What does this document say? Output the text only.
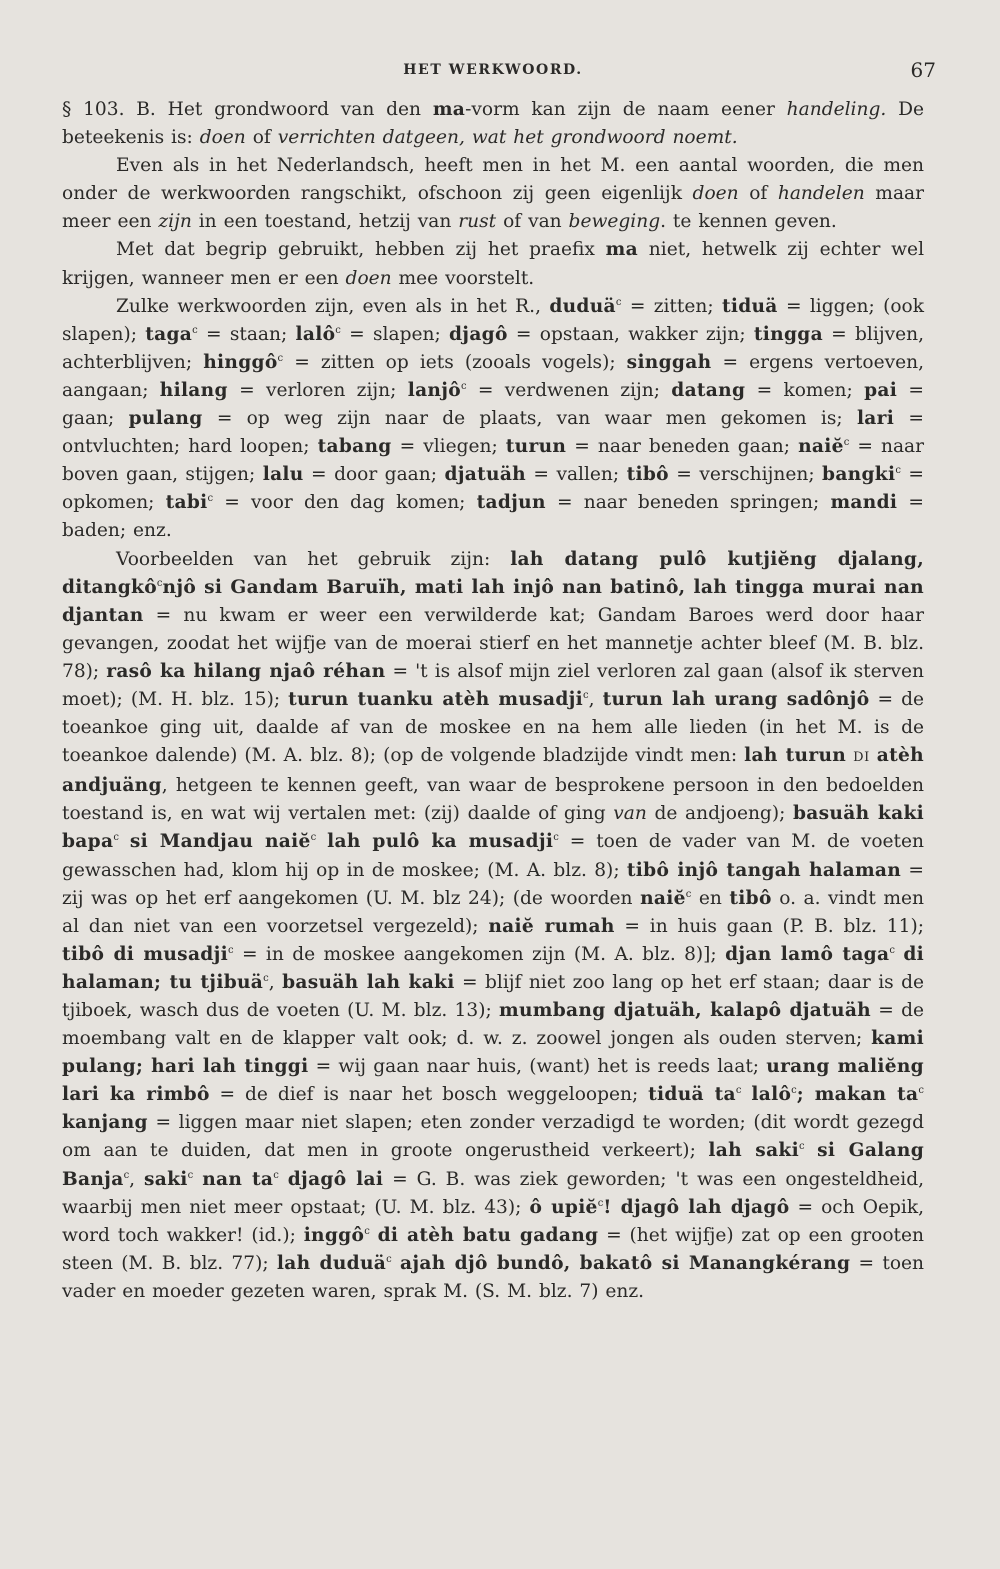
HET WERKWOORD.	67

§ 103. B. Het grondwoord van den ma-vorm kan zijn de naam eener handeling. De beteekenis is: doen of verrichten datgeen, wat het grondwoord noemt.

Even als in het Nederlandsch, heeft men in het M. een aantal woorden, die men onder de werkwoorden rangschikt, ofschoon zij geen eigenlijk doen of handelen maar meer een zijn in een toestand, hetzij van rust of van beweging. te kennen geven.

Met dat begrip gebruikt, hebben zij het praefix ma niet, hetwelk zij echter wel krijgen, wanneer men er een doen mee voorstelt.

Zulke werkwoorden zijn, even als in het R., duduä$^c$ = zitten; tiduä = liggen; (ook slapen); taga$^c$ = staan; lalô$^c$ = slapen; djagô = opstaan, wakker zijn; tingga = blijven, achterblijven; hinggô$^c$ = zitten op iets (zooals vogels); singgah = ergens vertoeven, aangaan; hilang = verloren zijn; lanjô$^c$ = verdwenen zijn; datang = komen; pai = gaan; pulang = op weg zijn naar de plaats, van waar men gekomen is; lari = ontvluchten; hard loopen; tabang = vliegen; turun = naar beneden gaan; naiĕ$^c$ = naar boven gaan, stijgen; lalu = door gaan; djatuäh = vallen; tibô = verschijnen; bangki$^c$ = opkomen; tabi$^c$ = voor den dag komen; tadjun = naar beneden springen; mandi = baden; enz.

Voorbeelden van het gebruik zijn: lah datang pulô kutjiĕng djalang, ditangkô$^c$njô si Gandam Baruïh, mati lah injô nan batinô, lah tingga murai nan djantan = nu kwam er weer een verwilderde kat; Gandam Baroes werd door haar gevangen, zoodat het wijfje van de moerai stierf en het mannetje achter bleef (M. B. blz. 78); rasô ka hilang njaô réhan = 't is alsof mijn ziel verloren zal gaan (alsof ik sterven moet); (M. H. blz. 15); turun tuanku atèh musadji$^c$, turun lah urang sadônjô = de toeankoe ging uit, daalde af van de moskee en na hem alle lieden (in het M. is de toeankoe dalende) (M. A. blz. 8); (op de volgende bladzijde vindt men: lah turun DI atèh andjuäng, hetgeen te kennen geeft, van waar de besprokene persoon in den bedoelden toestand is, en wat wij vertalen met: (zij) daalde of ging van de andjoeng); basuäh kaki bapa$^c$ si Mandjau naiĕ$^c$ lah pulô ka musadji$^c$ = toen de vader van M. de voeten gewasschen had, klom hij op in de moskee; (M. A. blz. 8); tibô injô tangah halaman = zij was op het erf aangekomen (U. M. blz 24); (de woorden naiĕ$^c$ en tibô o. a. vindt men al dan niet van een voorzetsel vergezeld); naiĕ rumah = in huis gaan (P. B. blz. 11); tibô di musadji$^c$ = in de moskee aangekomen zijn (M. A. blz. 8)]; djan lamô taga$^c$ di halaman; tu tjibuä$^c$, basuäh lah kaki = blijf niet zoo lang op het erf staan; daar is de tjiboek, wasch dus de voeten (U. M. blz. 13); mumbang djatuäh, kalapô djatuäh = de moembang valt en de klapper valt ook; d. w. z. zoowel jongen als ouden sterven; kami pulang; hari lah tinggi = wij gaan naar huis, (want) het is reeds laat; urang maliĕng lari ka rimbô = de dief is naar het bosch weggeloopen; tiduä $ta^c$ lalô$^c$; makan $ta^c$ kanjang = liggen maar niet slapen; eten zonder verzadigd te worden; (dit wordt gezegd om aan te duiden, dat men in groote ongerustheid verkeert); lah saki$^c$ si Galang Banja$^c$, saki$^c$ nan $ta^c$ djagô lai = G. B. was ziek geworden; 't was een ongesteldheid, waarbij men niet meer opstaat; (U. M. blz. 43); ô upiĕ$^c$! djagô lah djagô = och Oepik, word toch wakker! (id.); inggô$^c$ di atèh batu gadang = (het wijfje) zat op een grooten steen (M. B. blz. 77); lah duduä$^c$ ajah djô bundô, bakatô si Manangkérang = toen vader en moeder gezeten waren, sprak M. (S. M. blz. 7) enz.
